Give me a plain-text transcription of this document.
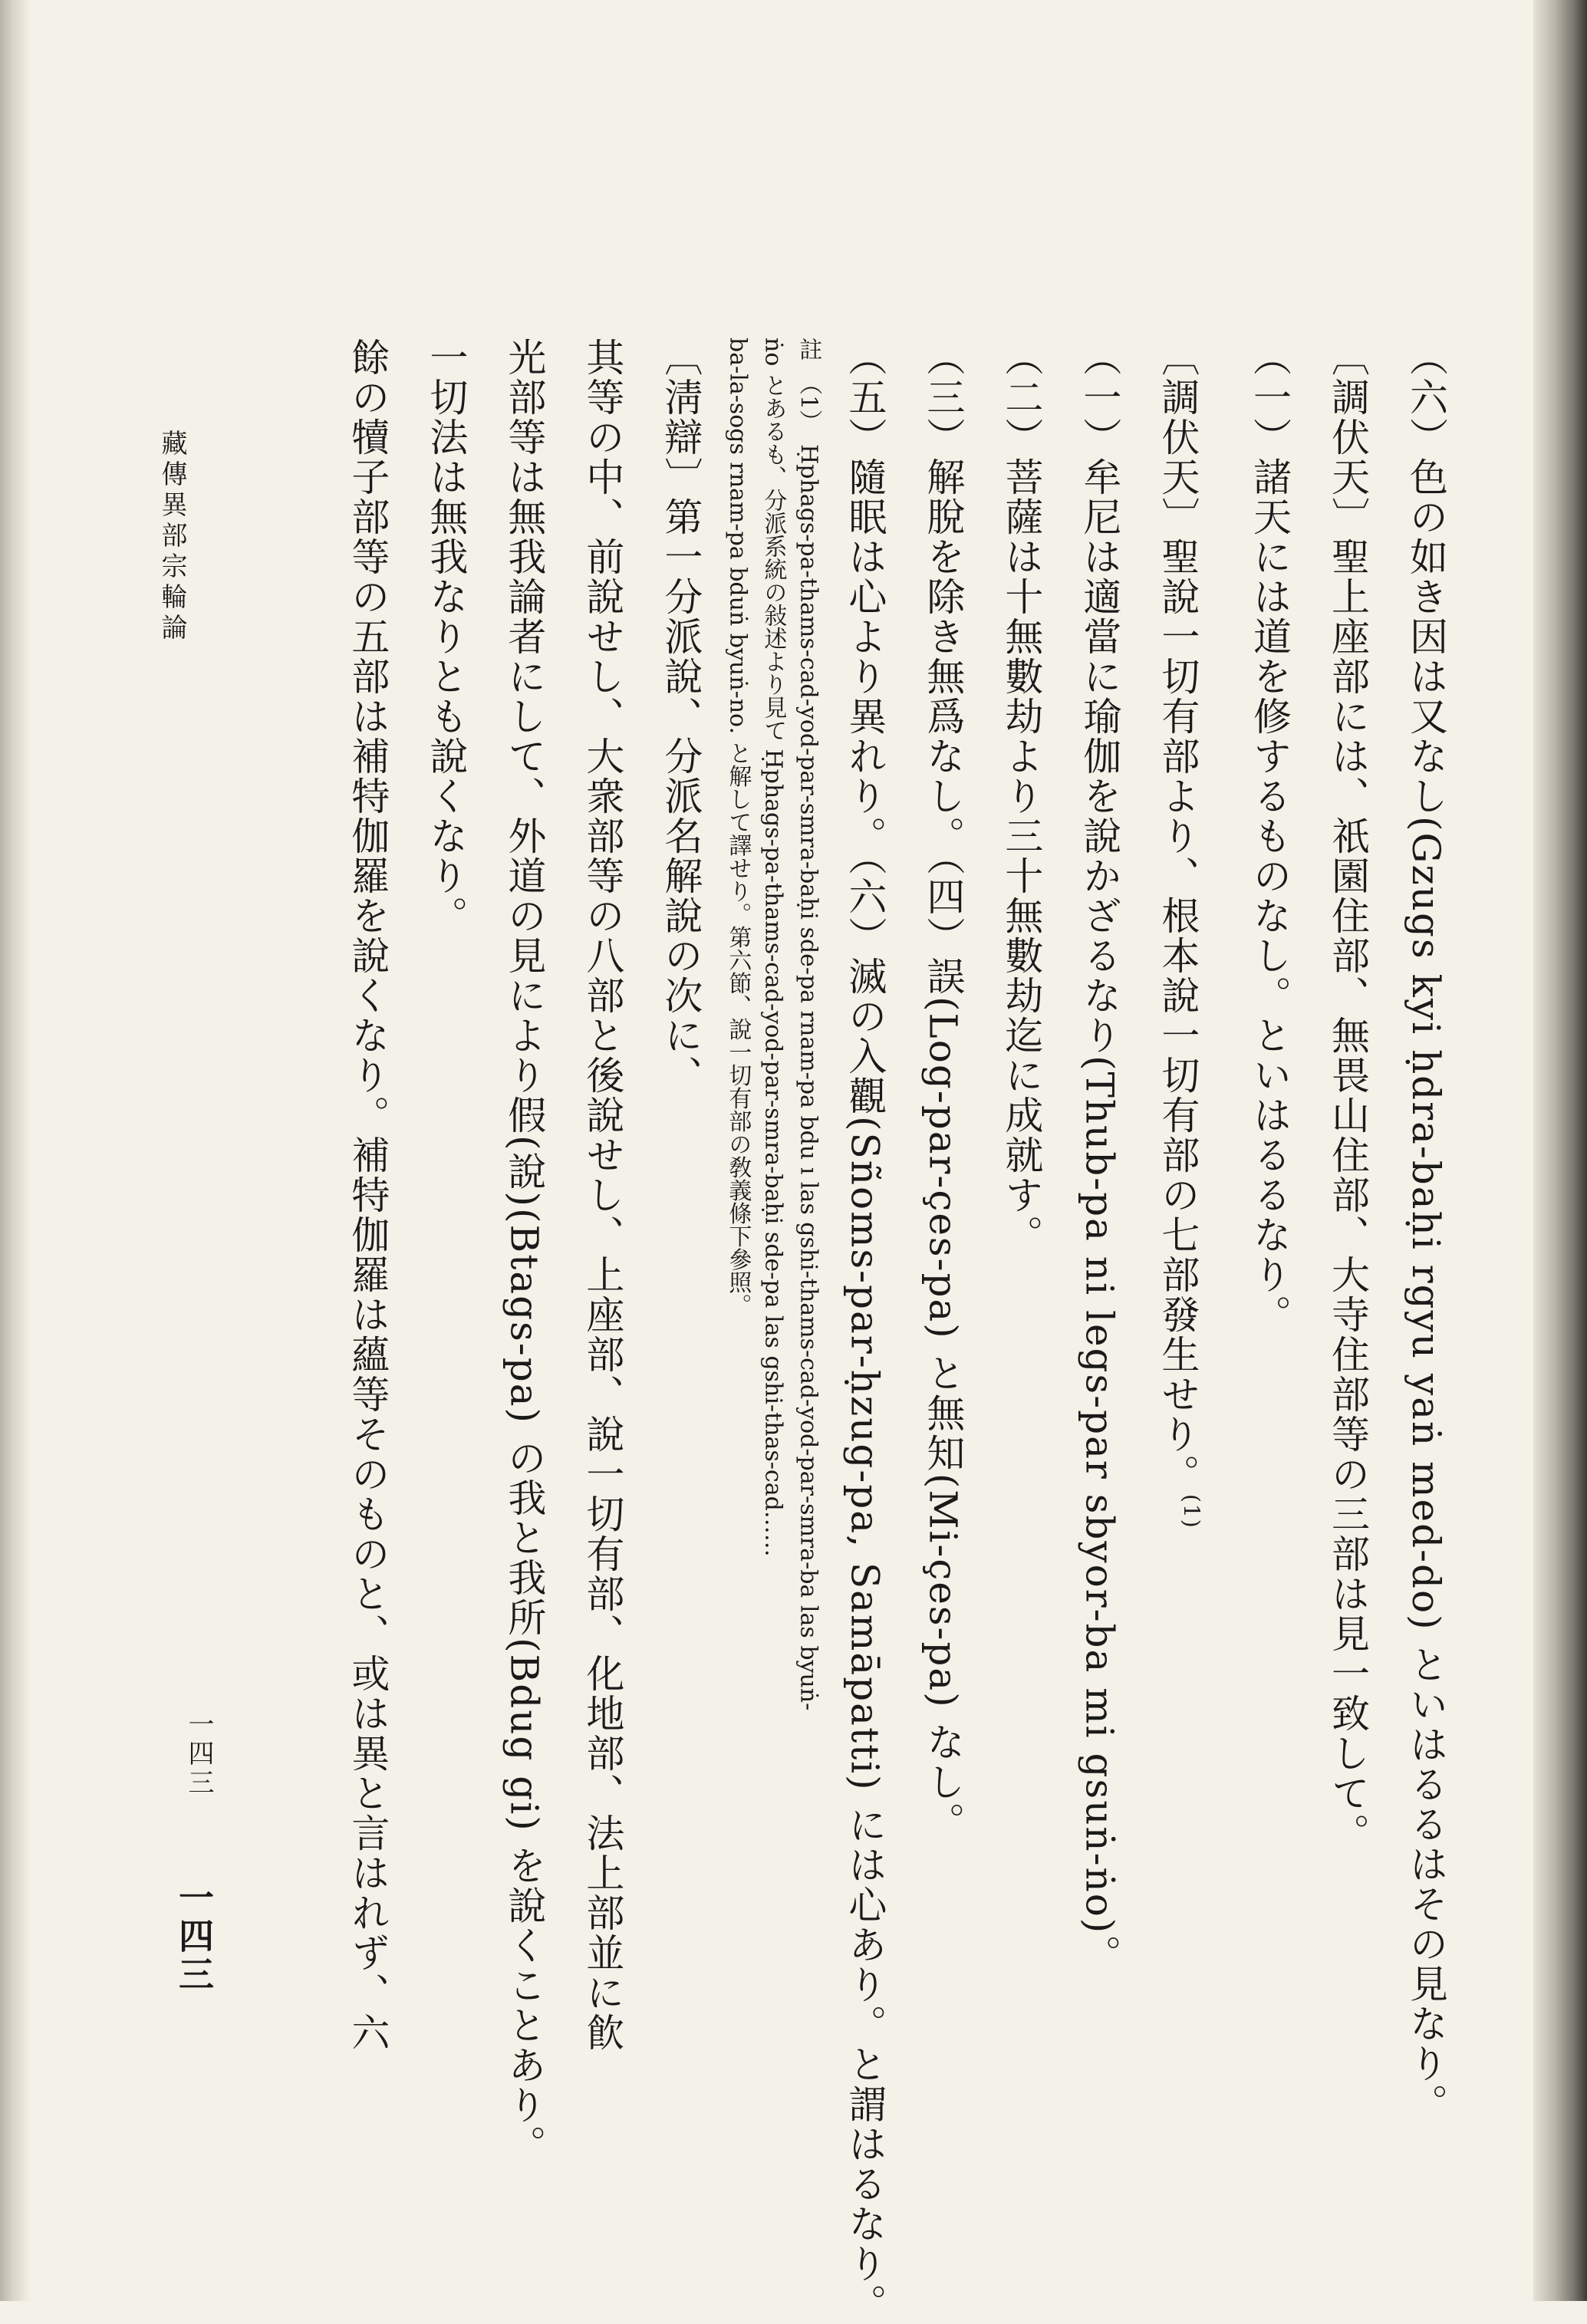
（六）色の如き因は又なし(Gzugs kyi ḥdra-baḥi rgyu yaṅ med-do) といはるるはその見なり。
〔調伏天〕聖上座部には、祇園住部、無畏山住部、大寺住部等の三部は見一致して。
（一）諸天には道を修するものなし。といはるるなり。
〔調伏天〕聖說一切有部より、根本說一切有部の七部發生せり。$^{(1)}$
（一）牟尼は適當に瑜伽を說かざるなり(Thub-pa ni legs-par sbyor-ba mi gsuṅ-ṅo)。
（二）菩薩は十無數劫より三十無數劫迄に成就す。
（三）解脫を除き無爲なし。（四）誤(Log-par-çes-pa) と無知(Mi-çes-pa) なし。
（五）隨眠は心より異れり。（六）滅の入觀(Sñoms-par-ḥzug-pa, Samāpatti) には心あり。と謂はるなり。
註　（1）　Ḥphags-pa-thams-cad-yod-par-smra-baḥi sde-pa rnam-pa bdu ı las gshi-thams-cad-yod-par-smra-ba las byuṅ-
ṅo とあるも、分派系統の敍述より見て Ḥphags-pa-thams-cad-yod-par-smra-baḥi sde-pa las gshi-thas-cad……
ba-la-sogs rnam-pa bduṅ byuṅ-no. と解して譯せり。第六節、說一切有部の敎義條下參照。
〔淸辯〕第一分派說、分派名解說の次に、
其等の中、前說せし、大衆部等の八部と後說せし、上座部、說一切有部、化地部、法上部並に飮
光部等は無我論者にして、外道の見により假(說)(Btags-pa) の我と我所(Bdug gi) を說くことあり。
一切法は無我なりとも說くなり。
餘の犢子部等の五部は補特伽羅を說くなり。補特伽羅は蘊等そのものと、或は異と言はれず、六
藏傳異部宗輪論
一四三
一四三
